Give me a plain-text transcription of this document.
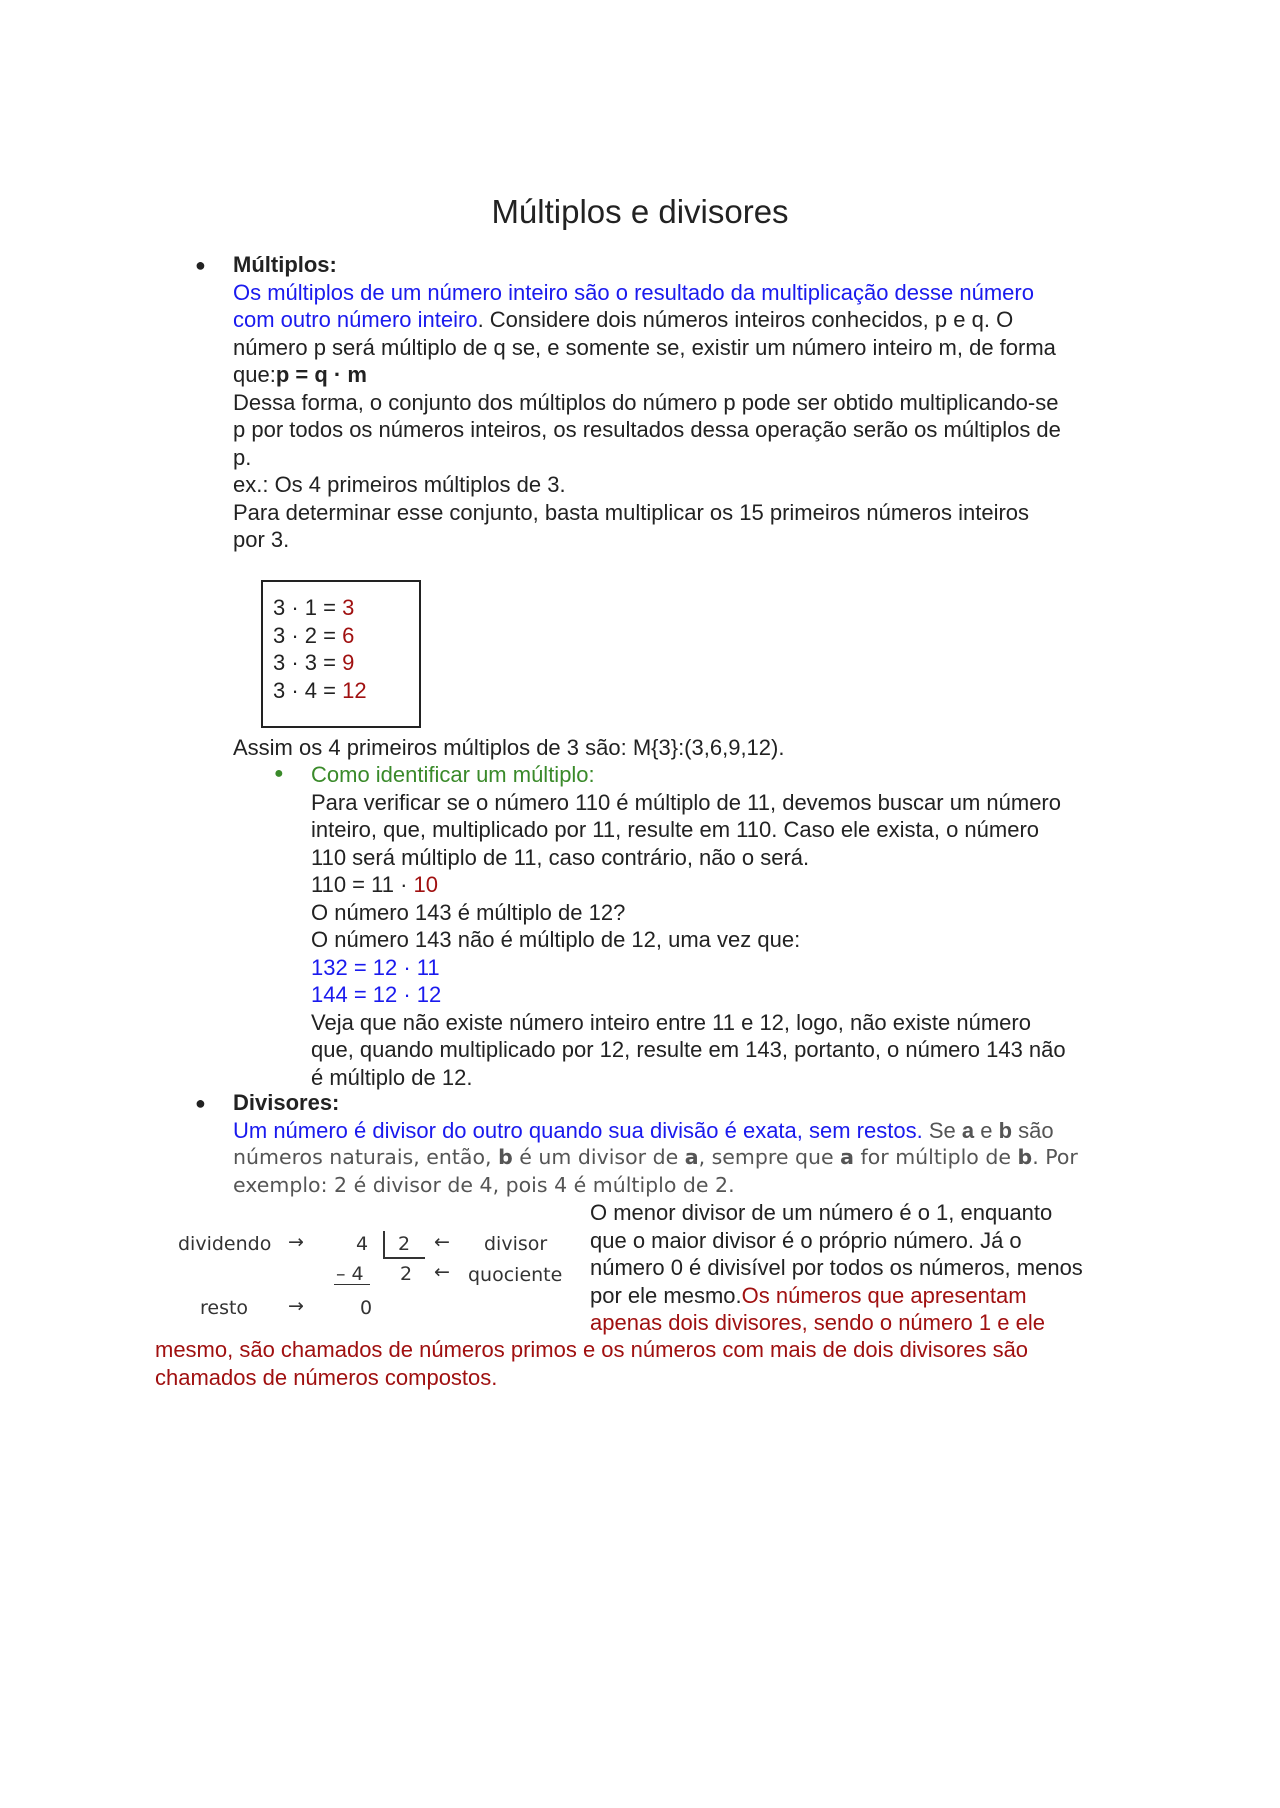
Múltiplos e divisores
● Múltiplos:
Os múltiplos de um número inteiro são o resultado da multiplicação desse número
com outro número inteiro. Considere dois números inteiros conhecidos, p e q. O
número p será múltiplo de q se, e somente se, existir um número inteiro m, de forma
que:p = q · m
Dessa forma, o conjunto dos múltiplos do número p pode ser obtido multiplicando-se
p por todos os números inteiros, os resultados dessa operação serão os múltiplos de
p.
ex.: Os 4 primeiros múltiplos de 3.
Para determinar esse conjunto, basta multiplicar os 15 primeiros números inteiros
por 3.
3 · 1 = 3
3 · 2 = 6
3 · 3 = 9
3 · 4 = 12
Assim os 4 primeiros múltiplos de 3 são: M{3}:(3,6,9,12).
● Como identificar um múltiplo:
Para verificar se o número 110 é múltiplo de 11, devemos buscar um número
inteiro, que, multiplicado por 11, resulte em 110. Caso ele exista, o número
110 será múltiplo de 11, caso contrário, não o será.
110 = 11 · 10
O número 143 é múltiplo de 12?
O número 143 não é múltiplo de 12, uma vez que:
132 = 12 · 11
144 = 12 · 12
Veja que não existe número inteiro entre 11 e 12, logo, não existe número
que, quando multiplicado por 12, resulte em 143, portanto, o número 143 não
é múltiplo de 12.
● Divisores:
Um número é divisor do outro quando sua divisão é exata, sem restos. Se a e b são
números naturais, então, b é um divisor de a, sempre que a for múltiplo de b. Por
exemplo: 2 é divisor de 4, pois 4 é múltiplo de 2.
dividendo →	4 2 ← divisor
– 4 2 ← quociente
resto →	0
O menor divisor de um número é o 1, enquanto
que o maior divisor é o próprio número. Já o
número 0 é divisível por todos os números, menos
por ele mesmo.Os números que apresentam
apenas dois divisores, sendo o número 1 e ele
mesmo, são chamados de números primos e os números com mais de dois divisores são
chamados de números compostos.
